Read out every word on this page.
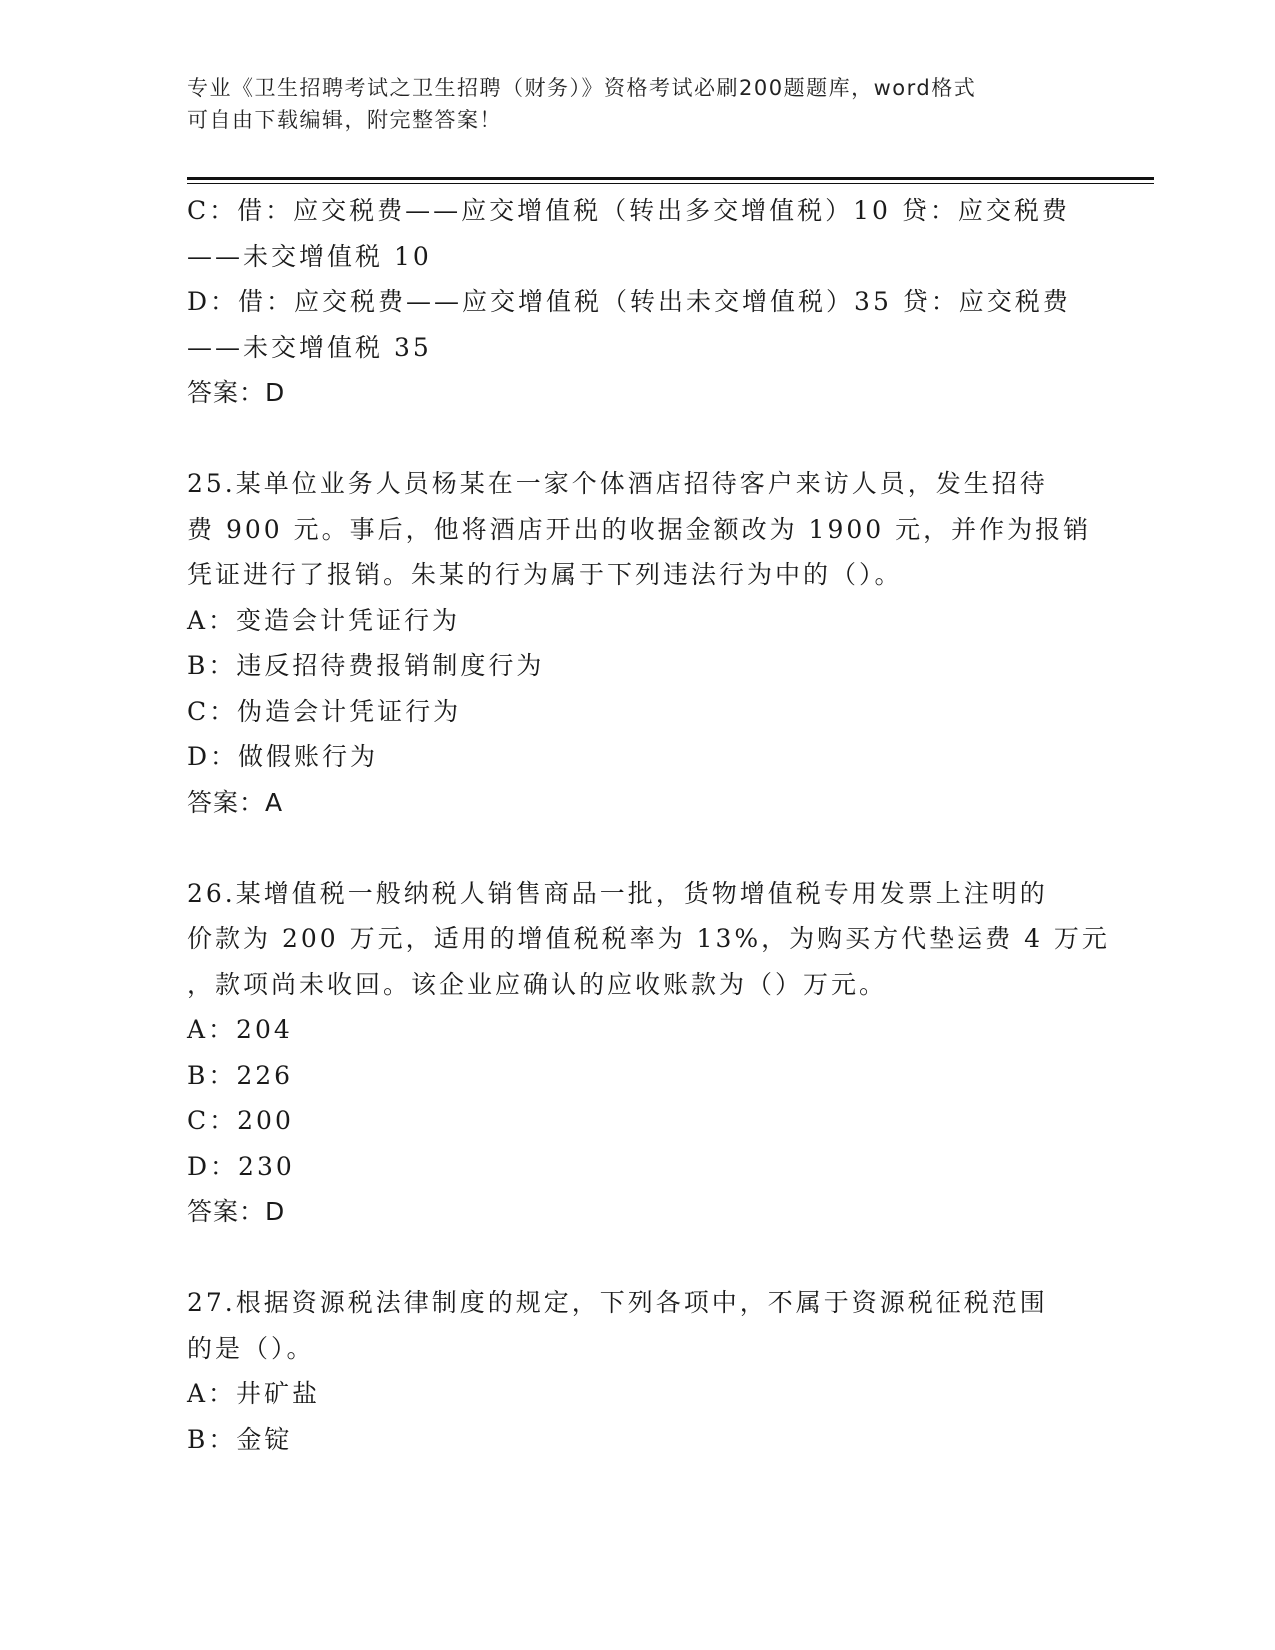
专业《卫生招聘考试之卫生招聘（财务）》资格考试必刷200题题库，word格式
可自由下载编辑，附完整答案！
C：借：应交税费——应交增值税（转出多交增值税）10 贷：应交税费
——未交增值税 10
D：借：应交税费——应交增值税（转出未交增值税）35 贷：应交税费
——未交增值税 35
答案：D
25.某单位业务人员杨某在一家个体酒店招待客户来访人员，发生招待
费 900 元。事后，他将酒店开出的收据金额改为 1900 元，并作为报销
凭证进行了报销。朱某的行为属于下列违法行为中的（）。
A：变造会计凭证行为
B：违反招待费报销制度行为
C：伪造会计凭证行为
D：做假账行为
答案：A
26.某增值税一般纳税人销售商品一批，货物增值税专用发票上注明的
价款为 200 万元，适用的增值税税率为 13%，为购买方代垫运费 4 万元
，款项尚未收回。该企业应确认的应收账款为（）万元。
A：204
B：226
C：200
D：230
答案：D
27.根据资源税法律制度的规定，下列各项中，不属于资源税征税范围
的是（）。
A：井矿盐
B：金锭
